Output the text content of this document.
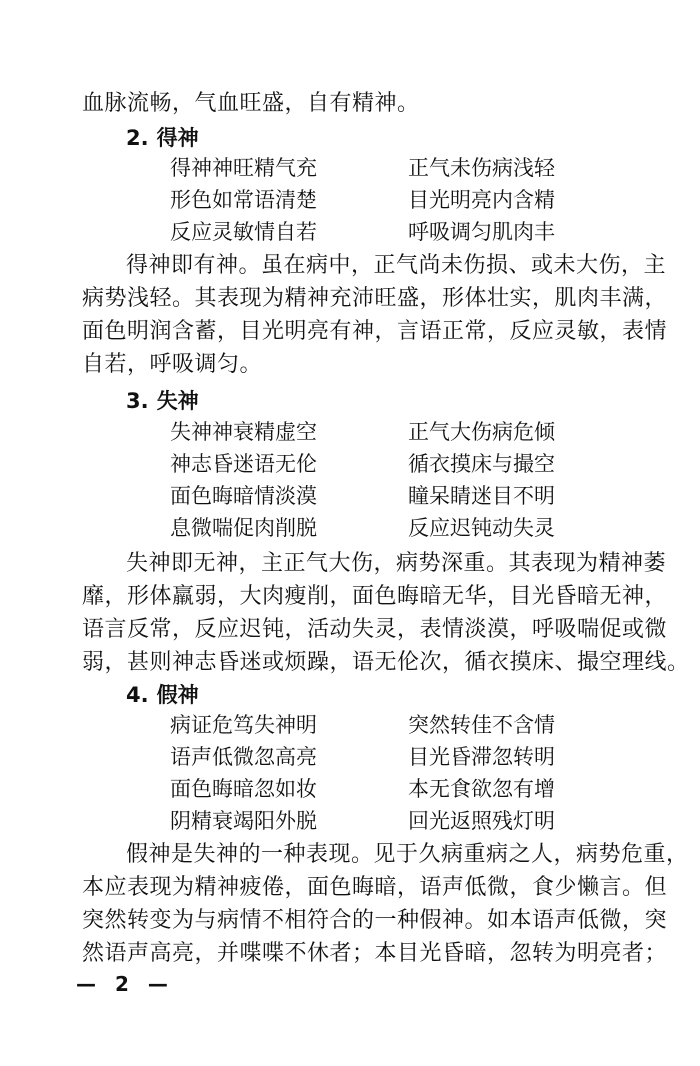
血脉流畅，气血旺盛，自有精神。
2. 得神
得神神旺精气充	正气未伤病浅轻
形色如常语清楚	目光明亮内含精
反应灵敏情自若	呼吸调匀肌肉丰
得神即有神。虽在病中，正气尚未伤损、或未大伤，主
病势浅轻。其表现为精神充沛旺盛，形体壮实，肌肉丰满，
面色明润含蓄，目光明亮有神，言语正常，反应灵敏，表情
自若，呼吸调匀。
3. 失神
失神神衰精虚空	正气大伤病危倾
神志昏迷语无伦	循衣摸床与撮空
面色晦暗情淡漠	瞳呆睛迷目不明
息微喘促肉削脱	反应迟钝动失灵
失神即无神，主正气大伤，病势深重。其表现为精神萎
靡，形体羸弱，大肉瘦削，面色晦暗无华，目光昏暗无神，
语言反常，反应迟钝，活动失灵，表情淡漠，呼吸喘促或微
弱，甚则神志昏迷或烦躁，语无伦次，循衣摸床、撮空理线。
4. 假神
病证危笃失神明	突然转佳不含情
语声低微忽高亮	目光昏滞忽转明
面色晦暗忽如妆	本无食欲忽有增
阴精衰竭阳外脱	回光返照残灯明
假神是失神的一种表现。见于久病重病之人，病势危重，
本应表现为精神疲倦，面色晦暗，语声低微，食少懒言。但
突然转变为与病情不相符合的一种假神。如本语声低微，突
然语声高亮，并喋喋不休者；本目光昏暗，忽转为明亮者；
— 2 —
